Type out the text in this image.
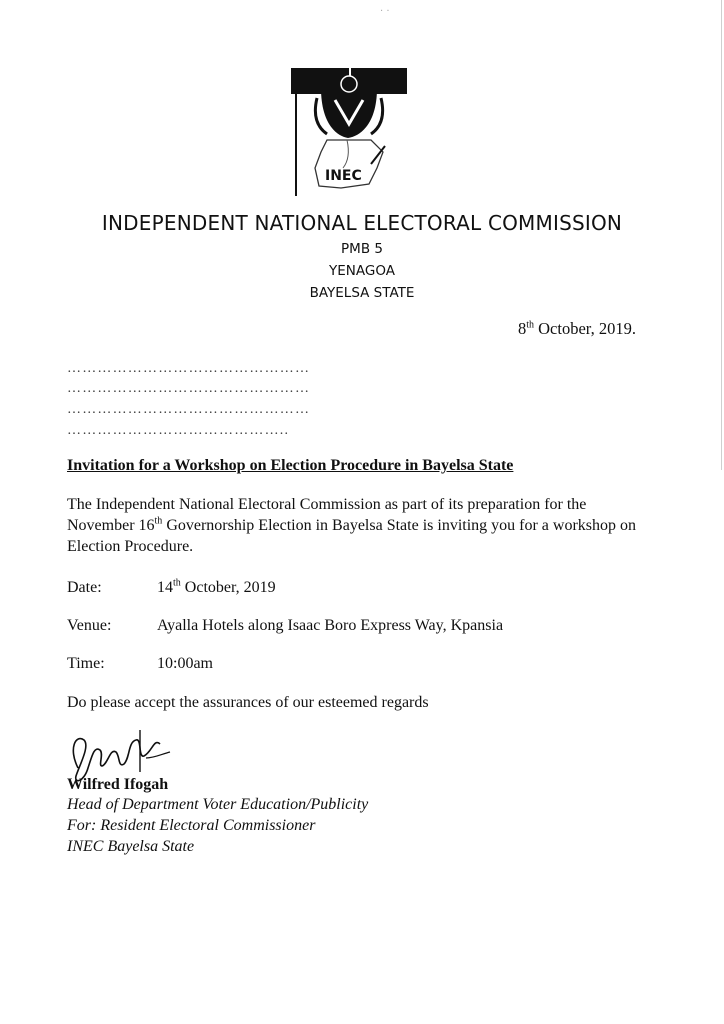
· ·
INEC
INDEPENDENT NATIONAL ELECTORAL COMMISSION
PMB 5
YENAGOA
BAYELSA STATE
8th October, 2019.
…………………………………………
…………………………………………
…………………………………………
……………………………………..
Invitation for a Workshop on Election Procedure in Bayelsa State
The Independent National Electoral Commission as part of its preparation for the November 16th Governorship Election in Bayelsa State is inviting you for a workshop on Election Procedure.
Date:	14th October, 2019
Venue:	Ayalla Hotels along Isaac Boro Express Way, Kpansia
Time:	10:00am
Do please accept the assurances of our esteemed regards
Wilfred Ifogah
Head of Department Voter Education/Publicity
For: Resident Electoral Commissioner
INEC Bayelsa State
